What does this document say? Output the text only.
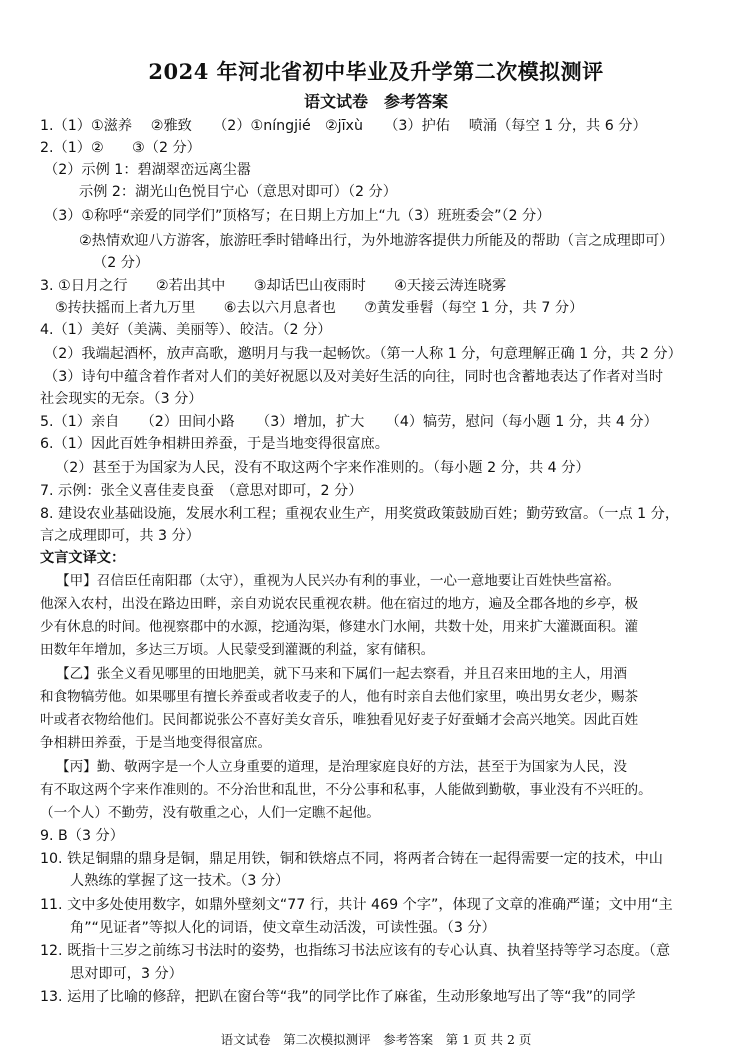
2024 年河北省初中毕业及升学第二次模拟测评
语文试卷　参考答案
1.（1）①滋养　 ②雅致　　（2）①níngjié　②jīxù　　（3）护佑　 喷涌（每空 1 分，共 6 分）
2.（1）②　　③（2 分）
（2）示例 1：碧湖翠峦远离尘嚣
示例 2：湖光山色悦目宁心（意思对即可）（2 分）
（3）①称呼“亲爱的同学们”顶格写；在日期上方加上“九（3）班班委会”（2 分）
②热情欢迎八方游客，旅游旺季时错峰出行，为外地游客提供力所能及的帮助（言之成理即可）
（2 分）
3. ①日月之行　　②若出其中　　③却话巴山夜雨时　　④天接云涛连晓雾
⑤抟扶摇而上者九万里　　⑥去以六月息者也　　⑦黄发垂髫（每空 1 分，共 7 分）
4.（1）美好（美满、美丽等）、皎洁。（2 分）
（2）我端起酒杯，放声高歌，邀明月与我一起畅饮。（第一人称 1 分，句意理解正确 1 分，共 2 分）
（3）诗句中蕴含着作者对人们的美好祝愿以及对美好生活的向往，同时也含蓄地表达了作者对当时
社会现实的无奈。（3 分）
5.（1）亲自　　（2）田间小路　　（3）增加，扩大　　（4）犒劳，慰问（每小题 1 分，共 4 分）
6.（1）因此百姓争相耕田养蚕，于是当地变得很富庶。
（2）甚至于为国家为人民，没有不取这两个字来作准则的。（每小题 2 分，共 4 分）
7. 示例：张全义喜佳麦良蚕　（意思对即可，2 分）
8. 建设农业基础设施，发展水利工程；重视农业生产，用奖赏政策鼓励百姓；勤劳致富。（一点 1 分，
言之成理即可，共 3 分）
文言文译文：
【甲】召信臣任南阳郡（太守），重视为人民兴办有利的事业，一心一意地要让百姓快些富裕。
他深入农村，出没在路边田畔，亲自劝说农民重视农耕。他在宿过的地方，遍及全郡各地的乡亭，极
少有休息的时间。他视察郡中的水源，挖通沟渠，修建水门水闸，共数十处，用来扩大灌溉面积。灌
田数年年增加，多达三万顷。人民蒙受到灌溉的利益，家有储积。
【乙】张全义看见哪里的田地肥美，就下马来和下属们一起去察看，并且召来田地的主人，用酒
和食物犒劳他。如果哪里有擅长养蚕或者收麦子的人，他有时亲自去他们家里，唤出男女老少，赐茶
叶或者衣物给他们。民间都说张公不喜好美女音乐，唯独看见好麦子好蚕蛹才会高兴地笑。因此百姓
争相耕田养蚕，于是当地变得很富庶。
【丙】勤、敬两字是一个人立身重要的道理，是治理家庭良好的方法，甚至于为国家为人民，没
有不取这两个字来作准则的。不分治世和乱世，不分公事和私事，人能做到勤敬，事业没有不兴旺的。
（一个人）不勤劳，没有敬重之心，人们一定瞧不起他。
9. B（3 分）
10. 铁足铜鼎的鼎身是铜，鼎足用铁，铜和铁熔点不同，将两者合铸在一起得需要一定的技术，中山
人熟练的掌握了这一技术。（3 分）
11. 文中多处使用数字，如鼎外壁刻文“77 行，共计 469 个字”，体现了文章的准确严谨；文中用“主
角”“见证者”等拟人化的词语，使文章生动活泼，可读性强。（3 分）
12. 既指十三岁之前练习书法时的姿势，也指练习书法应该有的专心认真、执着坚持等学习态度。（意
思对即可，3 分）
13. 运用了比喻的修辞，把趴在窗台等“我”的同学比作了麻雀，生动形象地写出了等“我”的同学
语文试卷　第二次模拟测评　参考答案　第 1 页 共 2 页
